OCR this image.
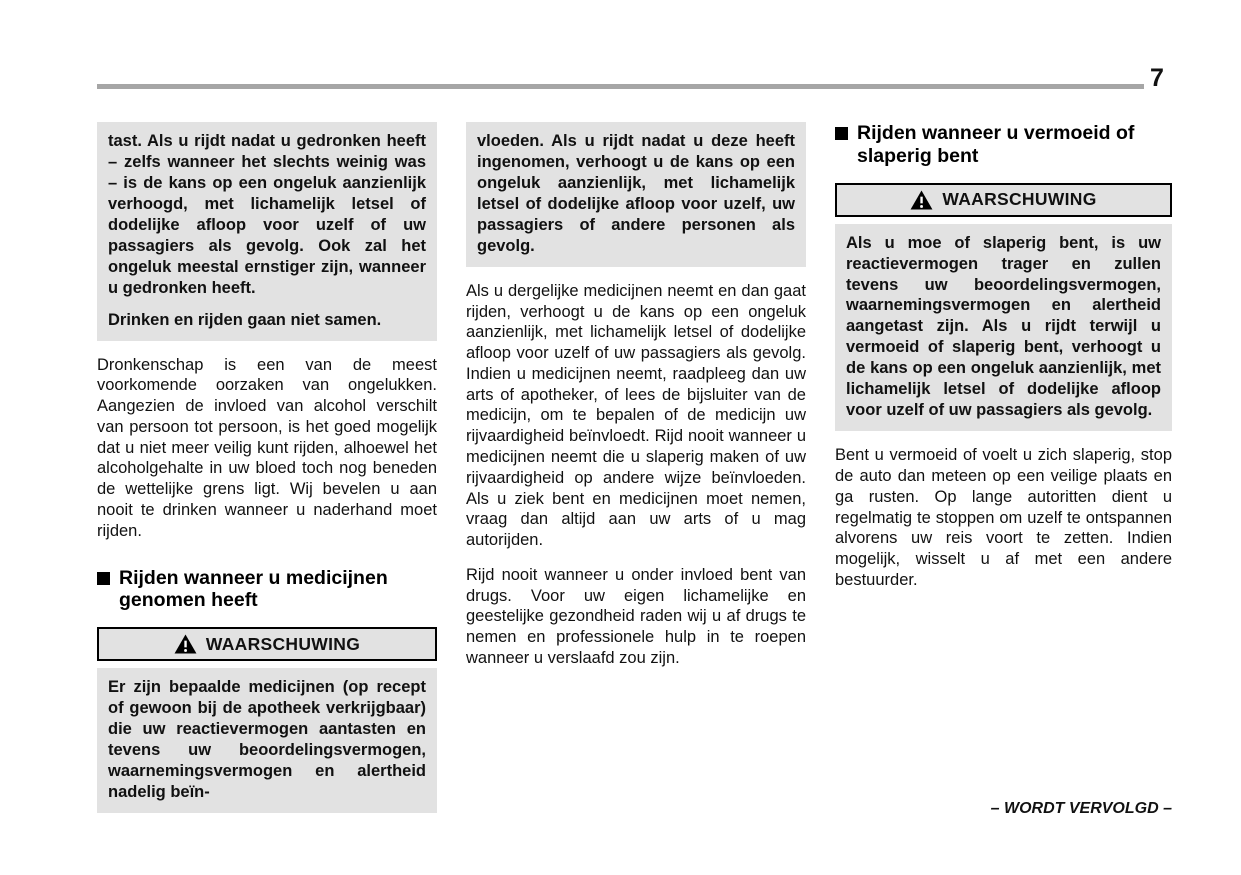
7

tast. Als u rijdt nadat u gedronken heeft – zelfs wanneer het slechts weinig was – is de kans op een ongeluk aanzienlijk verhoogd, met lichamelijk letsel of dodelijke afloop voor uzelf of uw passagiers als gevolg. Ook zal het ongeluk meestal ernstiger zijn, wanneer u gedronken heeft.

Drinken en rijden gaan niet samen.

Dronkenschap is een van de meest voorkomende oorzaken van ongelukken. Aangezien de invloed van alcohol verschilt van persoon tot persoon, is het goed mogelijk dat u niet meer veilig kunt rijden, alhoewel het alcoholgehalte in uw bloed toch nog beneden de wettelijke grens ligt. Wij bevelen u aan nooit te drinken wanneer u naderhand moet rijden.

Rijden wanneer u medicijnen genomen heeft
WAARSCHUWING

Er zijn bepaalde medicijnen (op recept of gewoon bij de apotheek verkrijgbaar) die uw reactievermogen aantasten en tevens uw beoordelingsvermogen, waarnemingsvermogen en alertheid nadelig beïn-

vloeden. Als u rijdt nadat u deze heeft ingenomen, verhoogt u de kans op een ongeluk aanzienlijk, met lichamelijk letsel of dodelijke afloop voor uzelf, uw passagiers of andere personen als gevolg.

Als u dergelijke medicijnen neemt en dan gaat rijden, verhoogt u de kans op een ongeluk aanzienlijk, met lichamelijk letsel of dodelijke afloop voor uzelf of uw passagiers als gevolg. Indien u medicijnen neemt, raadpleeg dan uw arts of apotheker, of lees de bijsluiter van de medicijn, om te bepalen of de medicijn uw rijvaardigheid beïnvloedt. Rijd nooit wanneer u medicijnen neemt die u slaperig maken of uw rijvaardigheid op andere wijze beïnvloeden. Als u ziek bent en medicijnen moet nemen, vraag dan altijd aan uw arts of u mag autorijden.

Rijd nooit wanneer u onder invloed bent van drugs. Voor uw eigen lichamelijke en geestelijke gezondheid raden wij u af drugs te nemen en professionele hulp in te roepen wanneer u verslaafd zou zijn.

Rijden wanneer u vermoeid of slaperig bent
WAARSCHUWING

Als u moe of slaperig bent, is uw reactievermogen trager en zullen tevens uw beoordelingsvermogen, waarnemingsvermogen en alertheid aangetast zijn. Als u rijdt terwijl u vermoeid of slaperig bent, verhoogt u de kans op een ongeluk aanzienlijk, met lichamelijk letsel of dodelijke afloop voor uzelf of uw passagiers als gevolg.

Bent u vermoeid of voelt u zich slaperig, stop de auto dan meteen op een veilige plaats en ga rusten. Op lange autoritten dient u regelmatig te stoppen om uzelf te ontspannen alvorens uw reis voort te zetten. Indien mogelijk, wisselt u af met een andere bestuurder.

– WORDT VERVOLGD –
